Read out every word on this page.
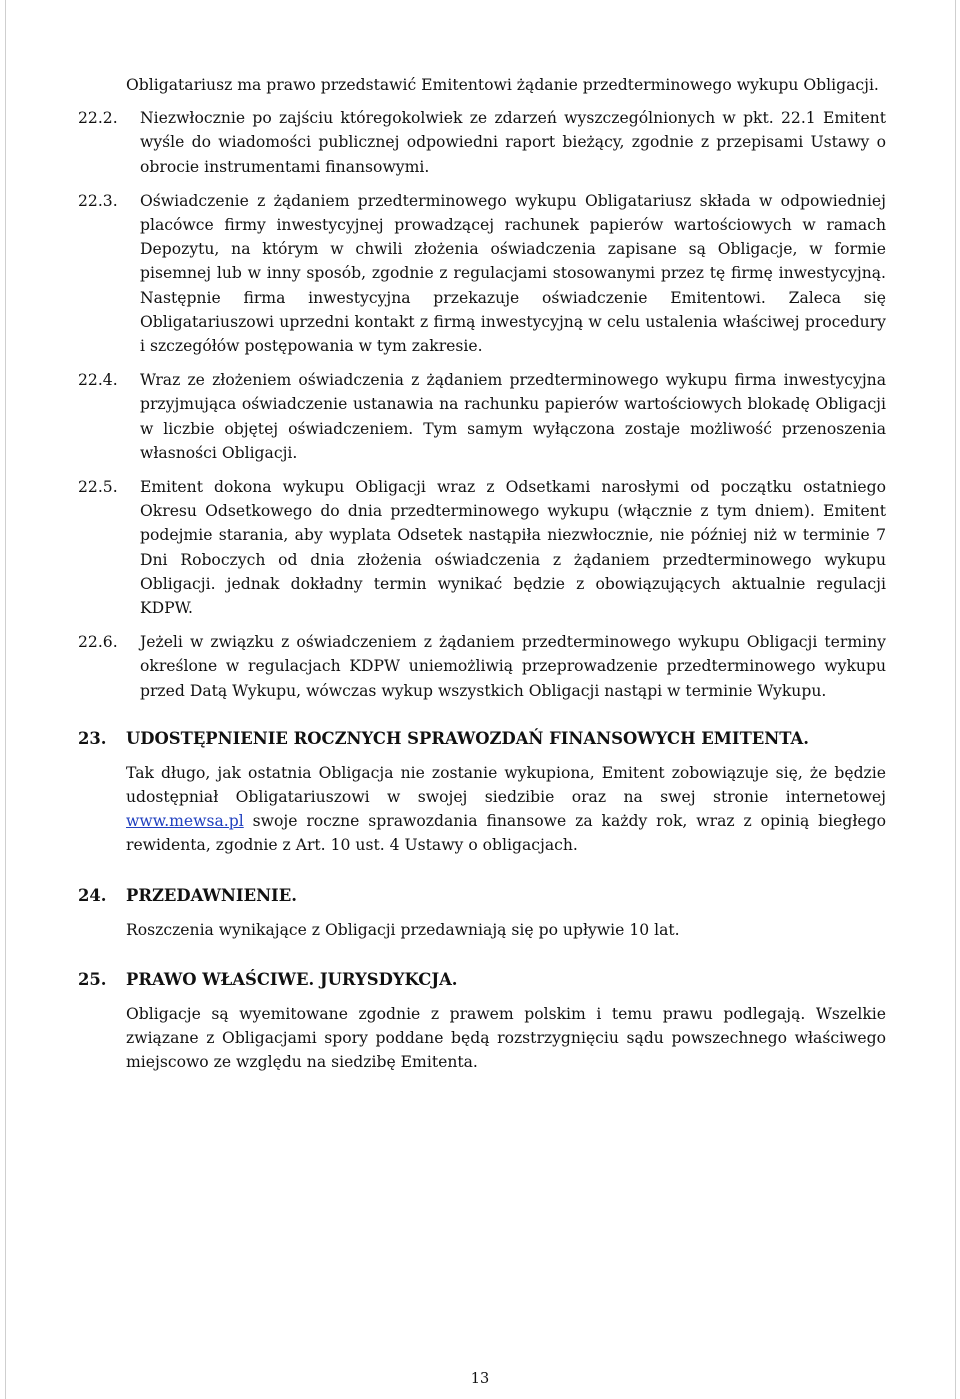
Obligatariusz ma prawo przedstawić Emitentowi żądanie przedterminowego wykupu Obligacji.

22.2.	Niezwłocznie po zajściu któregokolwiek ze zdarzeń wyszczególnionych w pkt. 22.1 Emitent wyśle do wiadomości publicznej odpowiedni raport bieżący, zgodnie z przepisami Ustawy o obrocie instrumentami finansowymi.
22.3.	Oświadczenie z żądaniem przedterminowego wykupu Obligatariusz składa w odpowiedniej placówce firmy inwestycyjnej prowadzącej rachunek papierów wartościowych w ramach Depozytu, na którym w chwili złożenia oświadczenia zapisane są Obligacje, w formie pisemnej lub w inny sposób, zgodnie z regulacjami stosowanymi przez tę firmę inwestycyjną. Następnie firma inwestycyjna przekazuje oświadczenie Emitentowi. Zaleca się Obligatariuszowi uprzedni kontakt z firmą inwestycyjną w celu ustalenia właściwej procedury i szczegółów postępowania w tym zakresie.
22.4.	Wraz ze złożeniem oświadczenia z żądaniem przedterminowego wykupu firma inwestycyjna przyjmująca oświadczenie ustanawia na rachunku papierów wartościowych blokadę Obligacji w liczbie objętej oświadczeniem. Tym samym wyłączona zostaje możliwość przenoszenia własności Obligacji.
22.5.	Emitent dokona wykupu Obligacji wraz z Odsetkami narosłymi od początku ostatniego Okresu Odsetkowego do dnia przedterminowego wykupu (włącznie z tym dniem). Emitent podejmie starania, aby wyplata Odsetek nastąpiła niezwłocznie, nie później niż w terminie 7 Dni Roboczych od dnia złożenia oświadczenia z żądaniem przedterminowego wykupu Obligacji. jednak dokładny termin wynikać będzie z obowiązujących aktualnie regulacji KDPW.
22.6.	Jeżeli w związku z oświadczeniem z żądaniem przedterminowego wykupu Obligacji terminy określone w regulacjach KDPW uniemożliwią przeprowadzenie przedterminowego wykupu przed Datą Wykupu, wówczas wykup wszystkich Obligacji nastąpi w terminie Wykupu.
23.	UDOSTĘPNIENIE ROCZNYCH SPRAWOZDAŃ FINANSOWYCH EMITENTA.

Tak długo, jak ostatnia Obligacja nie zostanie wykupiona, Emitent zobowiązuje się, że będzie udostępniał Obligatariuszowi w swojej siedzibie oraz na swej stronie internetowej www.mewsa.pl swoje roczne sprawozdania finansowe za każdy rok, wraz z opinią biegłego rewidenta, zgodnie z Art. 10 ust. 4 Ustawy o obligacjach.

24.	PRZEDAWNIENIE.

Roszczenia wynikające z Obligacji przedawniają się po upływie 10 lat.

25.	PRAWO WŁAŚCIWE. JURYSDYKCJA.

Obligacje są wyemitowane zgodnie z prawem polskim i temu prawu podlegają. Wszelkie związane z Obligacjami spory poddane będą rozstrzygnięciu sądu powszechnego właściwego miejscowo ze względu na siedzibę Emitenta.

13
